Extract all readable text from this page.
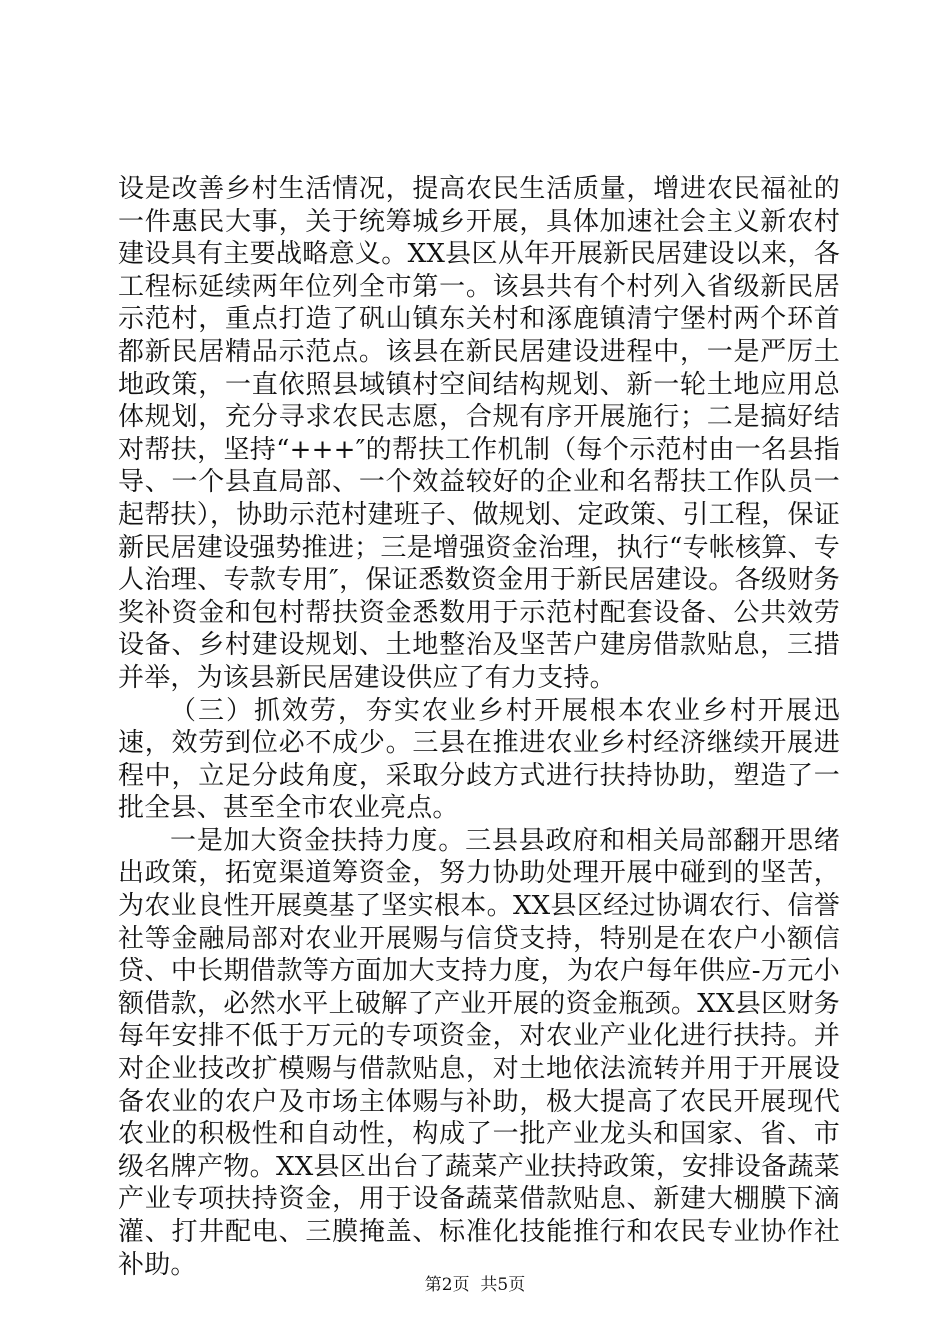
设是改善乡村生活情况，提高农民生活质量，增进农民福祉的一件惠民大事，关于统筹城乡开展，具体加速社会主义新农村建设具有主要战略意义。XX县区从年开展新民居建设以来，各工程标延续两年位列全市第一。该县共有个村列入省级新民居示范村，重点打造了矾山镇东关村和涿鹿镇清宁堡村两个环首都新民居精品示范点。该县在新民居建设进程中，一是严厉土地政策，一直依照县域镇村空间结构规划、新一轮土地应用总体规划，充分寻求农民志愿，合规有序开展施行；二是搞好结对帮扶，坚持“+++″的帮扶工作机制（每个示范村由一名县指导、一个县直局部、一个效益较好的企业和名帮扶工作队员一起帮扶），协助示范村建班子、做规划、定政策、引工程，保证新民居建设强势推进；三是增强资金治理，执行“专帐核算、专人治理、专款专用″，保证悉数资金用于新民居建设。各级财务奖补资金和包村帮扶资金悉数用于示范村配套设备、公共效劳设备、乡村建设规划、土地整治及坚苦户建房借款贴息，三措并举，为该县新民居建设供应了有力支持。

（三）抓效劳，夯实农业乡村开展根本农业乡村开展迅速，效劳到位必不成少。三县在推进农业乡村经济继续开展进程中，立足分歧角度，采取分歧方式进行扶持协助，塑造了一批全县、甚至全市农业亮点。

一是加大资金扶持力度。三县县政府和相关局部翻开思绪出政策，拓宽渠道筹资金，努力协助处理开展中碰到的坚苦，为农业良性开展奠基了坚实根本。XX县区经过协调农行、信誉社等金融局部对农业开展赐与信贷支持，特别是在农户小额信贷、中长期借款等方面加大支持力度，为农户每年供应-万元小额借款，必然水平上破解了产业开展的资金瓶颈。XX县区财务每年安排不低于万元的专项资金，对农业产业化进行扶持。并对企业技改扩模赐与借款贴息，对土地依法流转并用于开展设备农业的农户及市场主体赐与补助，极大提高了农民开展现代农业的积极性和自动性，构成了一批产业龙头和国家、省、市级名牌产物。XX县区出台了蔬菜产业扶持政策，安排设备蔬菜产业专项扶持资金，用于设备蔬菜借款贴息、新建大棚膜下滴灌、打井配电、三膜掩盖、标准化技能推行和农民专业协作社补助。

第2页 共5页
